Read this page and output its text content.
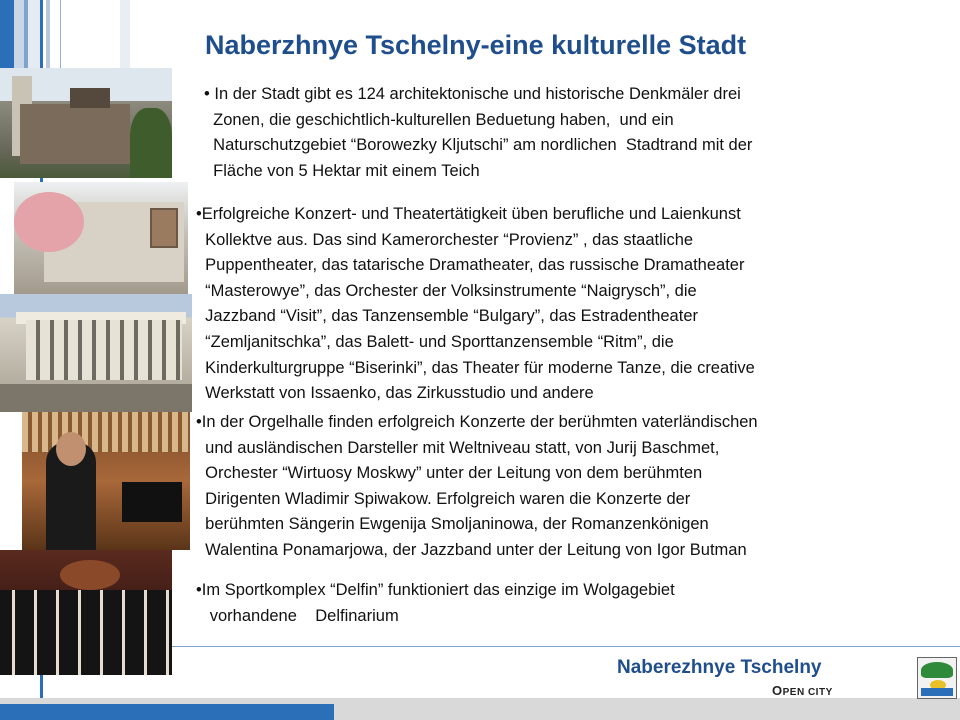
Naberzhnye Tschelny-eine kulturelle Stadt
• In der Stadt gibt es 124 architektonische und historische Denkmäler drei
Zonen, die geschichtlich-kulturellen Beduetung haben,  und ein
Naturschutzgebiet “Borowezky Kljutschi” am nordlichen  Stadtrand mit der
Fläche von 5 Hektar mit einem Teich
•Erfolgreiche Konzert- und Theatertätigkeit üben berufliche und Laienkunst
Kollektve aus. Das sind Kamerorchester “Provienz” , das staatliche
Puppentheater, das tatarische Dramatheater, das russische Dramatheater
“Masterowye”, das Orchester der Volksinstrumente “Naigrysch”, die
Jazzband “Visit”, das Tanzensemble “Bulgary”, das Estradentheater
“Zemljanitschka”, das Balett- und Sporttanzensemble “Ritm”, die
Kinderkulturgruppe “Biserinki”, das Theater für moderne Tanze, die creative
Werkstatt von Issaenko, das Zirkusstudio und andere
•In der Orgelhalle finden erfolgreich Konzerte der berühmten vaterländischen
und ausländischen Darsteller mit Weltniveau statt, von Jurij Baschmet,
Orchester “Wirtuosy Moskwy” unter der Leitung von dem berühmten
Dirigenten Wladimir Spiwakow. Erfolgreich waren die Konzerte der
berühmten Sängerin Ewgenija Smoljaninowa, der Romanzenkönigen
Walentina Ponamarjowa, der Jazzband unter der Leitung von Igor Butman
•Im Sportkomplex “Delfin” funktioniert das einzige im Wolgagebiet
vorhandene    Delfinarium
Naberezhnye Tschelny
OPEN CITY
